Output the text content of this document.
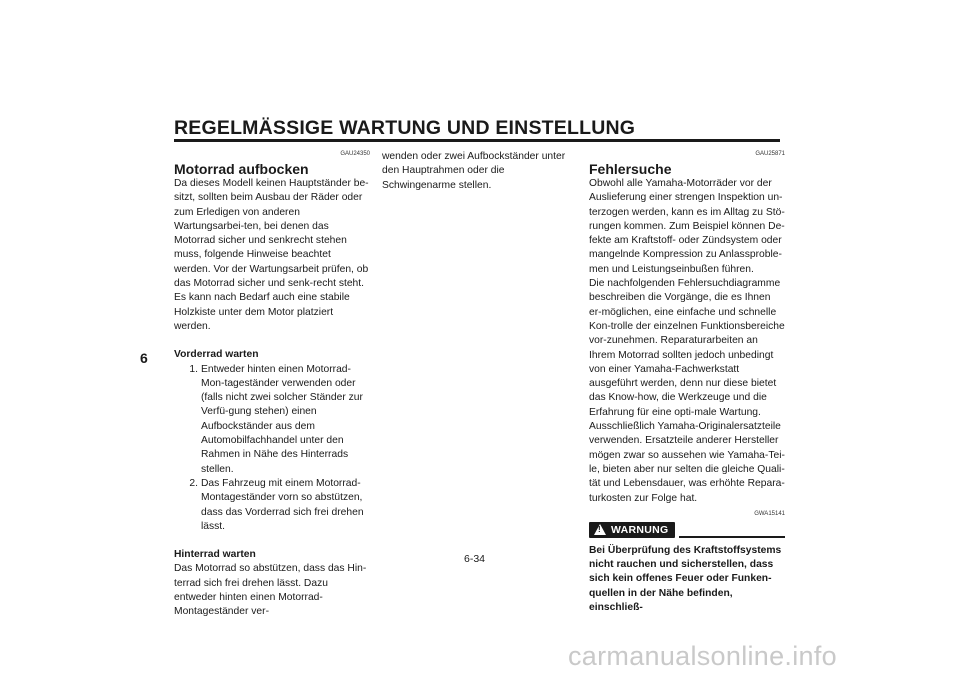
REGELMÄSSIGE WARTUNG UND EINSTELLUNG
6
GAU24350
Motorrad aufbocken

Da dieses Modell keinen Hauptständer be-sitzt, sollten beim Ausbau der Räder oder zum Erledigen von anderen Wartungsarbei-ten, bei denen das Motorrad sicher und senkrecht stehen muss, folgende Hinweise beachtet werden. Vor der Wartungsarbeit prüfen, ob das Motorrad sicher und senk-recht steht. Es kann nach Bedarf auch eine stabile Holzkiste unter dem Motor platziert werden.

Vorderrad warten

1. Entweder hinten einen Motorrad-Mon-tageständer verwenden oder (falls nicht zwei solcher Ständer zur Verfü-gung stehen) einen Aufbockständer aus dem Automobilfachhandel unter den Rahmen in Nähe des Hinterrads stellen.
2. Das Fahrzeug mit einem Motorrad-Montageständer vorn so abstützen, dass das Vorderrad sich frei drehen lässt.

Hinterrad warten

Das Motorrad so abstützen, dass das Hin-terrad sich frei drehen lässt. Dazu entweder hinten einen Motorrad-Montageständer ver-

wenden oder zwei Aufbockständer unter den Hauptrahmen oder die Schwingenarme stellen.

GAU25871
Fehlersuche

Obwohl alle Yamaha-Motorräder vor der Auslieferung einer strengen Inspektion un-terzogen werden, kann es im Alltag zu Stö-rungen kommen. Zum Beispiel können De-fekte am Kraftstoff- oder Zündsystem oder mangelnde Kompression zu Anlassproble-men und Leistungseinbußen führen.

Die nachfolgenden Fehlersuchdiagramme beschreiben die Vorgänge, die es Ihnen er-möglichen, eine einfache und schnelle Kon-trolle der einzelnen Funktionsbereiche vor-zunehmen. Reparaturarbeiten an Ihrem Motorrad sollten jedoch unbedingt von einer Yamaha-Fachwerkstatt ausgeführt werden, denn nur diese bietet das Know-how, die Werkzeuge und die Erfahrung für eine opti-male Wartung.

Ausschließlich Yamaha-Originalersatzteile verwenden. Ersatzteile anderer Hersteller mögen zwar so aussehen wie Yamaha-Tei-le, bieten aber nur selten die gleiche Quali-tät und Lebensdauer, was erhöhte Repara-turkosten zur Folge hat.

GWA15141
! WARNUNG

Bei Überprüfung des Kraftstoffsystems nicht rauchen und sicherstellen, dass sich kein offenes Feuer oder Funken-quellen in der Nähe befinden, einschließ-

6-34
carmanualsonline.info
